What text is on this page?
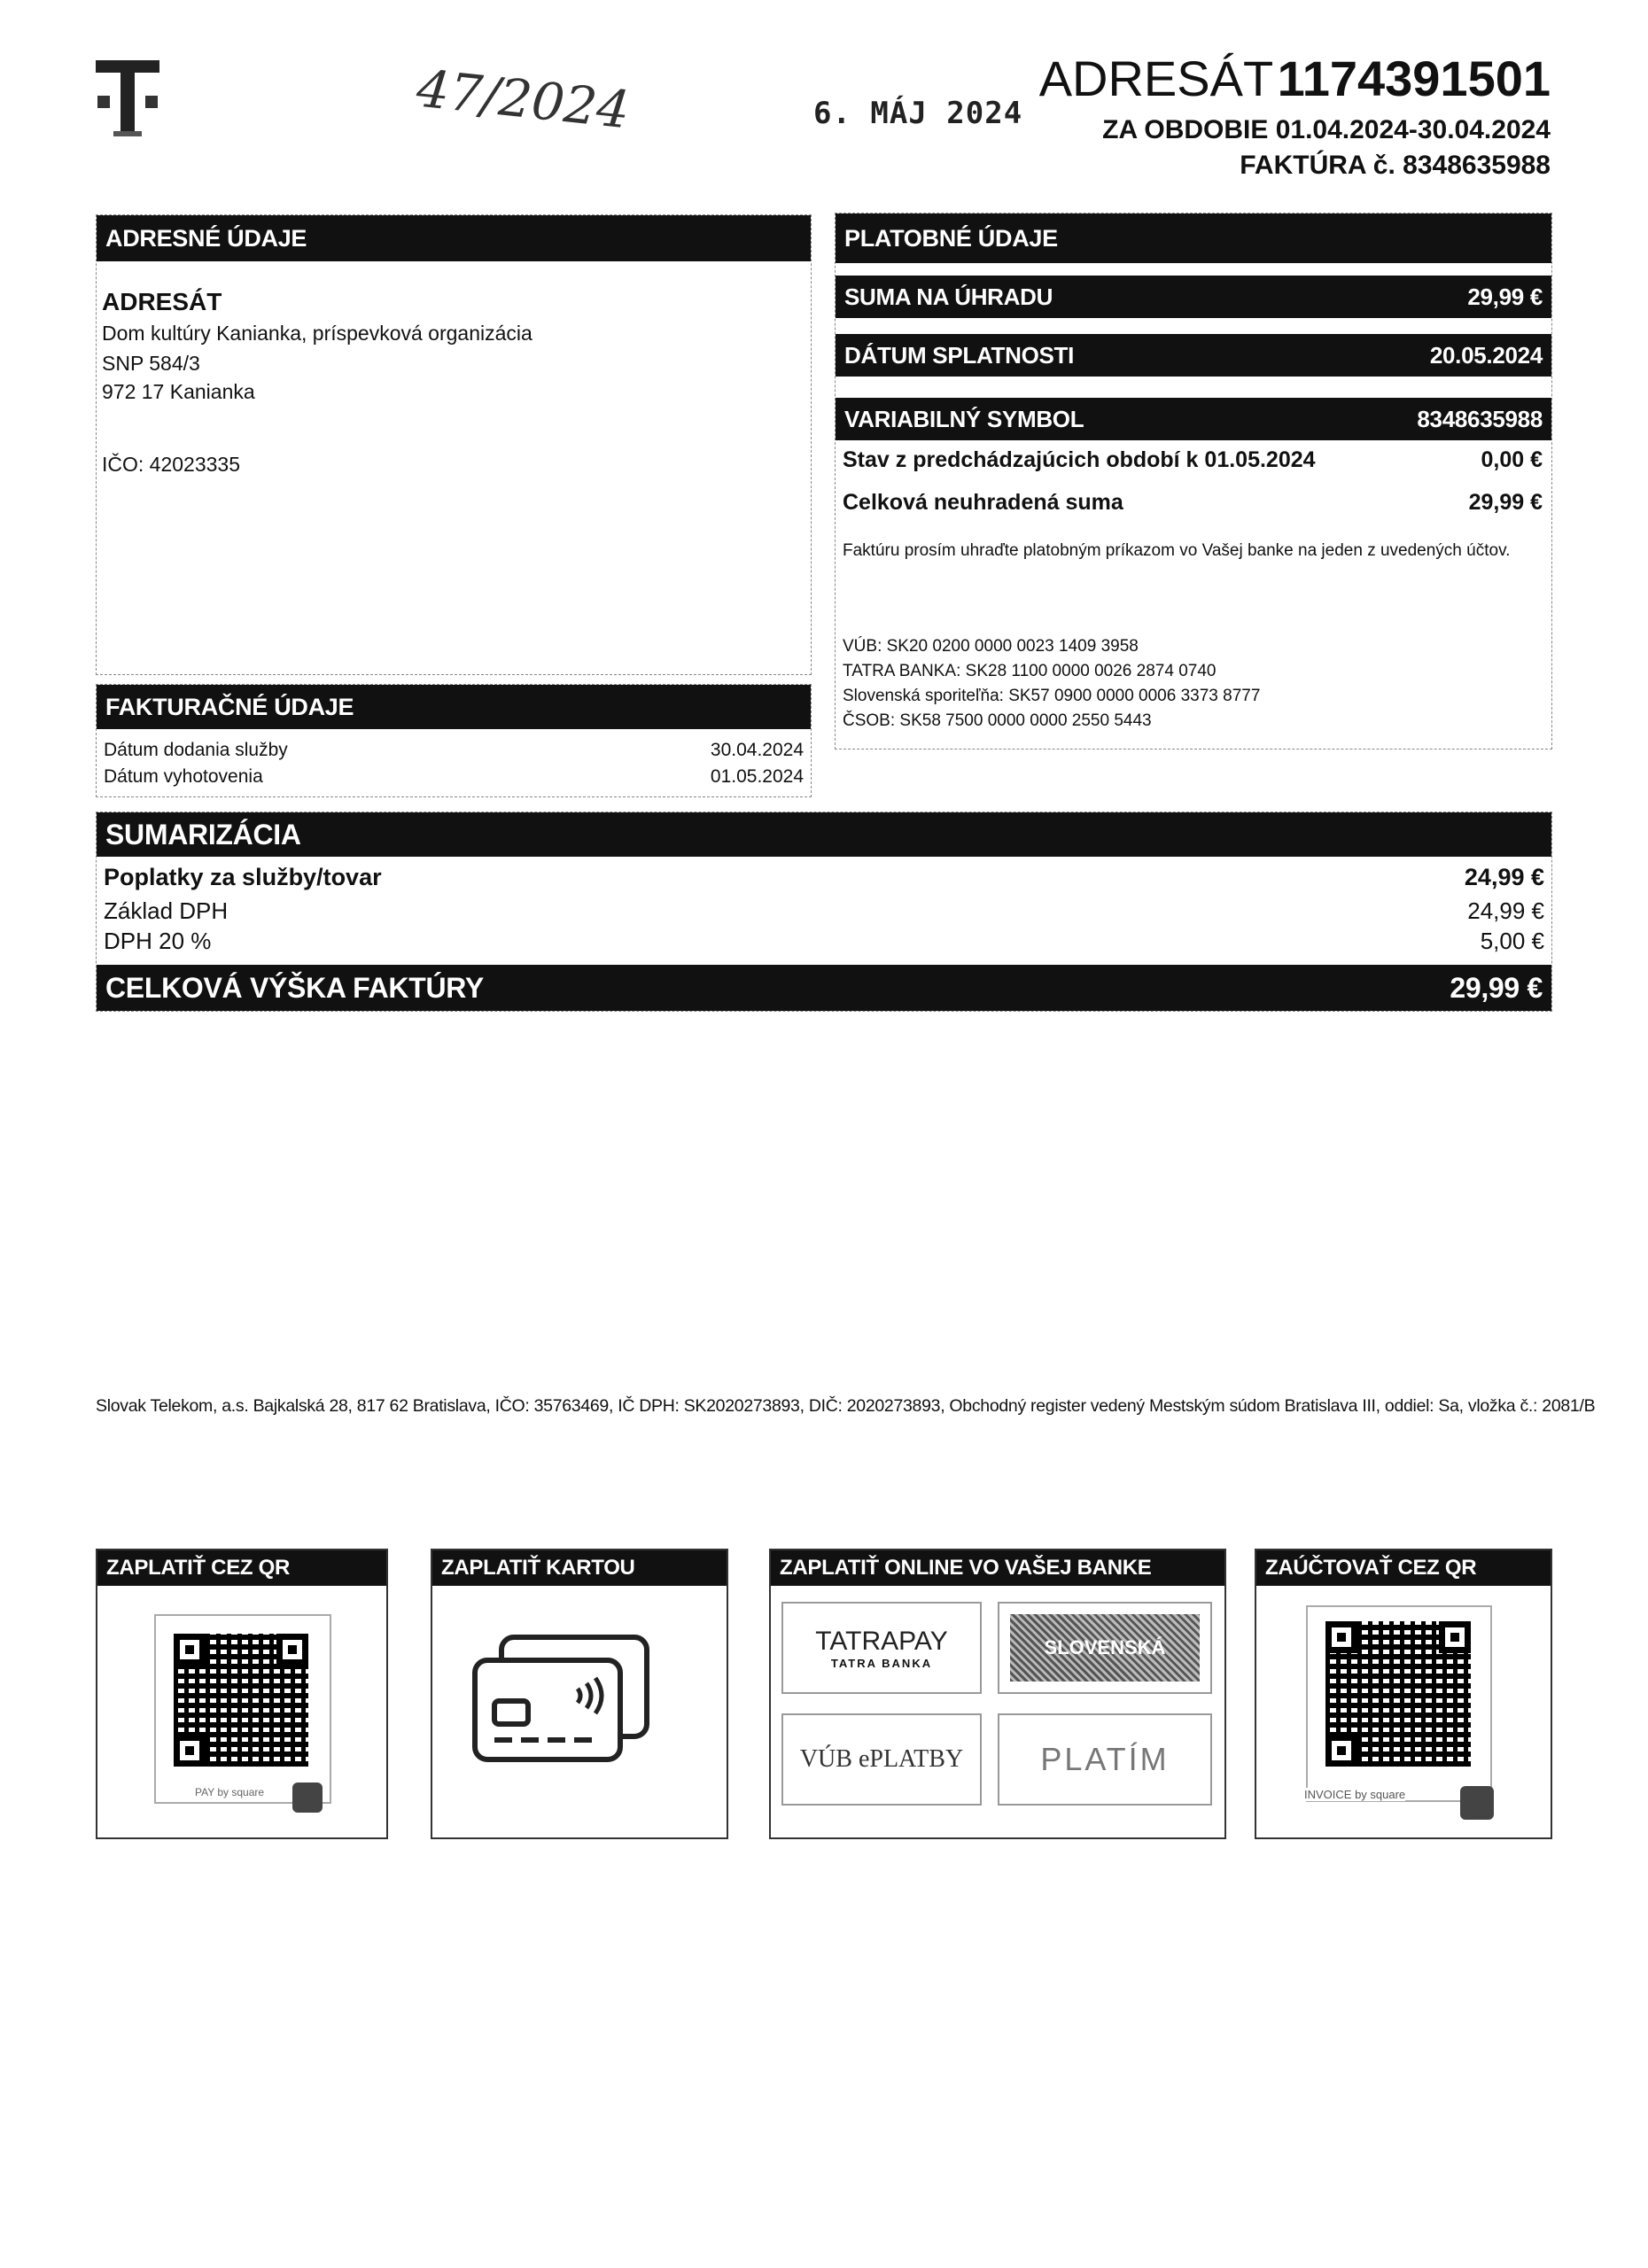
47/2024	6. MÁJ 2024
ADRESÁT 1174391501
ZA OBDOBIE 01.04.2024-30.04.2024
FAKTÚRA č. 8348635988
ADRESNÉ ÚDAJE
ADRESÁT
Dom kultúry Kanianka, príspevková organizácia
SNP 584/3
972 17 Kanianka
IČO: 42023335
FAKTURAČNÉ ÚDAJE
Dátum dodania služby	30.04.2024
Dátum vyhotovenia	01.05.2024
PLATOBNÉ ÚDAJE
SUMA NA ÚHRADU	29,99 €
DÁTUM SPLATNOSTI	20.05.2024
VARIABILNÝ SYMBOL	8348635988
Stav z predchádzajúcich období k 01.05.2024	0,00 €
Celková neuhradená suma	29,99 €
Faktúru prosím uhraďte platobným príkazom vo Vašej banke na jeden z uvedených účtov.
VÚB: SK20 0200 0000 0023 1409 3958
TATRA BANKA: SK28 1100 0000 0026 2874 0740
Slovenská sporiteľňa: SK57 0900 0000 0006 3373 8777
ČSOB: SK58 7500 0000 0000 2550 5443
SUMARIZÁCIA
Poplatky za služby/tovar	24,99 €
Základ DPH	24,99 €
DPH 20 %	5,00 €
CELKOVÁ VÝŠKA FAKTÚRY	29,99 €
Slovak Telekom, a.s. Bajkalská 28, 817 62 Bratislava, IČO: 35763469, IČ DPH: SK2020273893, DIČ: 2020273893, Obchodný register vedený Mestským súdom Bratislava III, oddiel: Sa, vložka č.: 2081/B
ZAPLATIŤ CEZ QR
PAY by square
ZAPLATIŤ KARTOU	ZAPLATIŤ ONLINE VO VAŠEJ BANKE
TATRAPAY
TATRA BANKA
SLOVENSKÁ
VÚB ePLATBY PLATÍM
ZAÚČTOVAŤ CEZ QR
INVOICE by square
